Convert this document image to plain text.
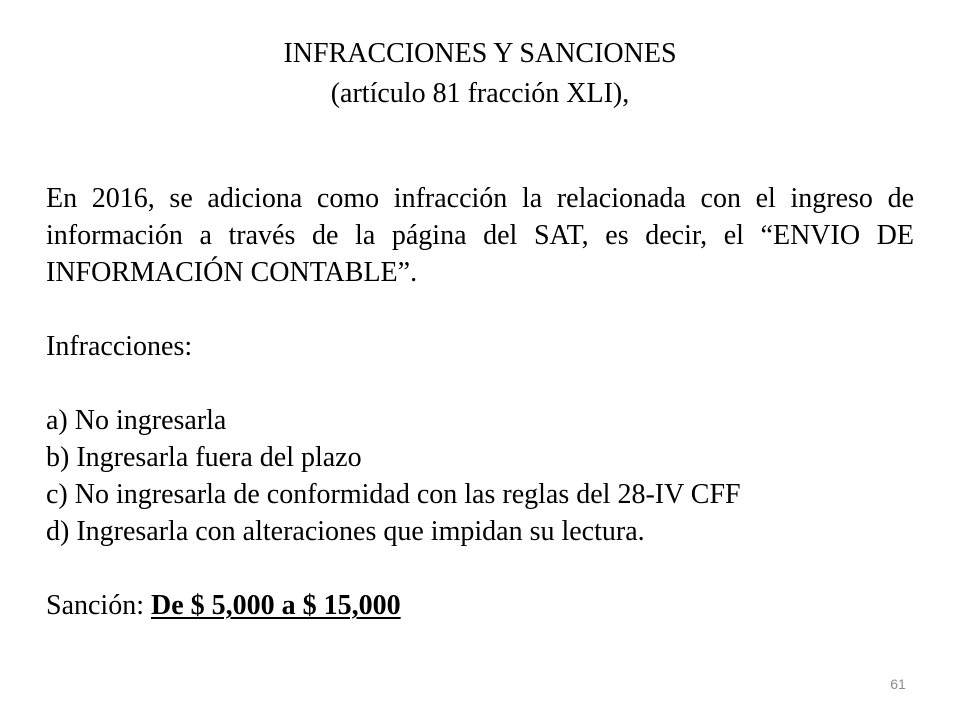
INFRACCIONES Y SANCIONES
(artículo 81 fracción XLI),

En 2016, se adiciona como infracción la relacionada con el ingreso de información a través de la página del SAT, es decir, el “ENVIO DE INFORMACIÓN CONTABLE”.

Infracciones:

a) No ingresarla
b) Ingresarla fuera del plazo
c) No ingresarla de conformidad con las reglas del 28-IV CFF
d) Ingresarla con alteraciones que impidan su lectura.

Sanción: De $ 5,000 a $ 15,000

61
